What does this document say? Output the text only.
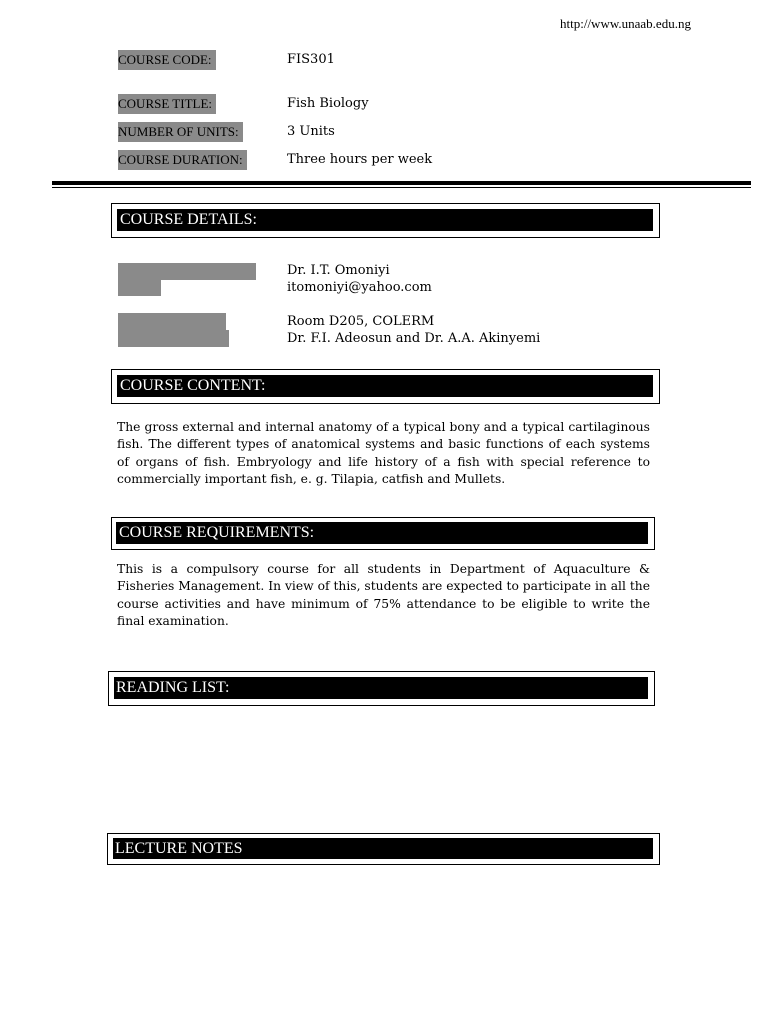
http://www.unaab.edu.ng
COURSE CODE:	FIS301
COURSE TITLE:	Fish Biology
NUMBER OF UNITS:	3 Units
COURSE DURATION:	Three hours per week
COURSE DETAILS:
Dr. I.T. Omoniyi
itomoniyi@yahoo.com
Room D205, COLERM
Dr. F.I. Adeosun and Dr. A.A. Akinyemi
COURSE CONTENT:
The gross external and internal anatomy of a typical bony and a typical cartilaginous fish. The different types of anatomical systems and basic functions of each systems of organs of fish. Embryology and life history of a fish with special reference to commercially important fish, e. g. Tilapia, catfish and Mullets.
COURSE REQUIREMENTS:
This is a compulsory course for all students in Department of Aquaculture & Fisheries Management. In view of this, students are expected to participate in all the course activities and have minimum of 75% attendance to be eligible to write the final examination.
READING LIST:
LECTURE NOTES
